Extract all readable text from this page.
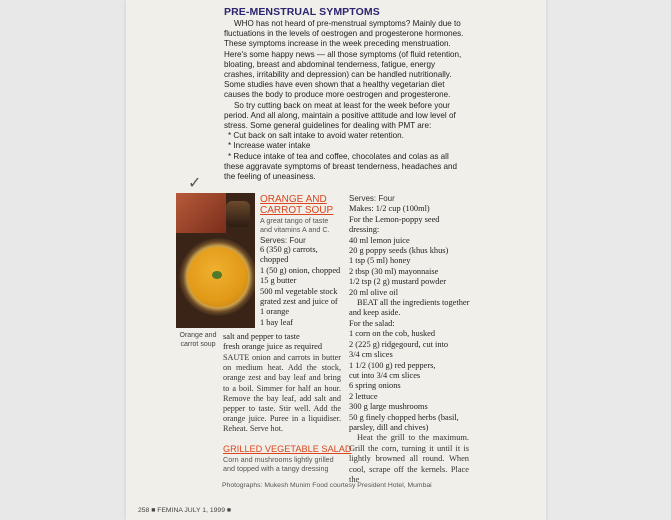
PRE-MENSTRUAL SYMPTOMS

WHO has not heard of pre-menstrual symptoms? Mainly due to fluctuations in the levels of oestrogen and progesterone hormones. These symptoms increase in the week preceding menstruation. Here's some happy news — all those symptoms (of fluid retention, bloating, breast and abdominal tenderness, fatigue, energy crashes, irritability and depression) can be handled nutritionally. Some studies have even shown that a healthy vegetarian diet causes the body to produce more oestrogen and progesterone.

So try cutting back on meat at least for the week before your period. And all along, maintain a positive attitude and low level of stress. Some general guidelines for dealing with PMT are:

* Cut back on salt intake to avoid water retention.

* Increase water intake

* Reduce intake of tea and coffee, chocolates and colas as all these aggravate symptoms of breast tenderness, headaches and the feeling of uneasiness.

✓
Orange and carrot soup
ORANGE AND
CARROT SOUP
A great tango of taste and vitamins A and C.
Serves: Four
6 (350 g) carrots,
chopped
1 (50 g) onion, chopped
15 g butter
500 ml vegetable stock
grated zest and juice of
1 orange
1 bay leaf
salt and pepper to taste
fresh orange juice as required
SAUTE onion and carrots in butter on medium heat. Add the stock, orange zest and bay leaf and bring to a boil. Simmer for half an hour. Remove the bay leaf, add salt and pepper to taste. Stir well. Add the orange juice. Puree in a liquidiser. Reheat. Serve hot.
GRILLED VEGETABLE SALAD
Corn and mushrooms lightly grilled and topped with a tangy dressing
Serves: Four
Makes: 1/2 cup (100ml)
For the Lemon-poppy seed
dressing:
40 ml lemon juice
20 g poppy seeds (khus khus)
1 tsp (5 ml) honey
2 tbsp (30 ml) mayonnaise
1/2 tsp (2 g) mustard powder
20 ml olive oil
BEAT all the ingredients together
and keep aside.
For the salad:
1 corn on the cob, husked
2 (225 g) ridgegourd, cut into
3/4 cm slices
1 1/2 (100 g) red peppers,
cut into 3/4 cm slices
6 spring onions
2 lettuce
300 g large mushrooms
50 g finely chopped herbs (basil,
parsley, dill and chives)
Heat the grill to the maximum. Grill the corn, turning it until it is lightly browned all round. When cool, scrape off the kernels. Place the
Photographs: Mukesh Munim Food courtesy President Hotel, Mumbai
258 ■ FEMINA JULY 1, 1999 ■
